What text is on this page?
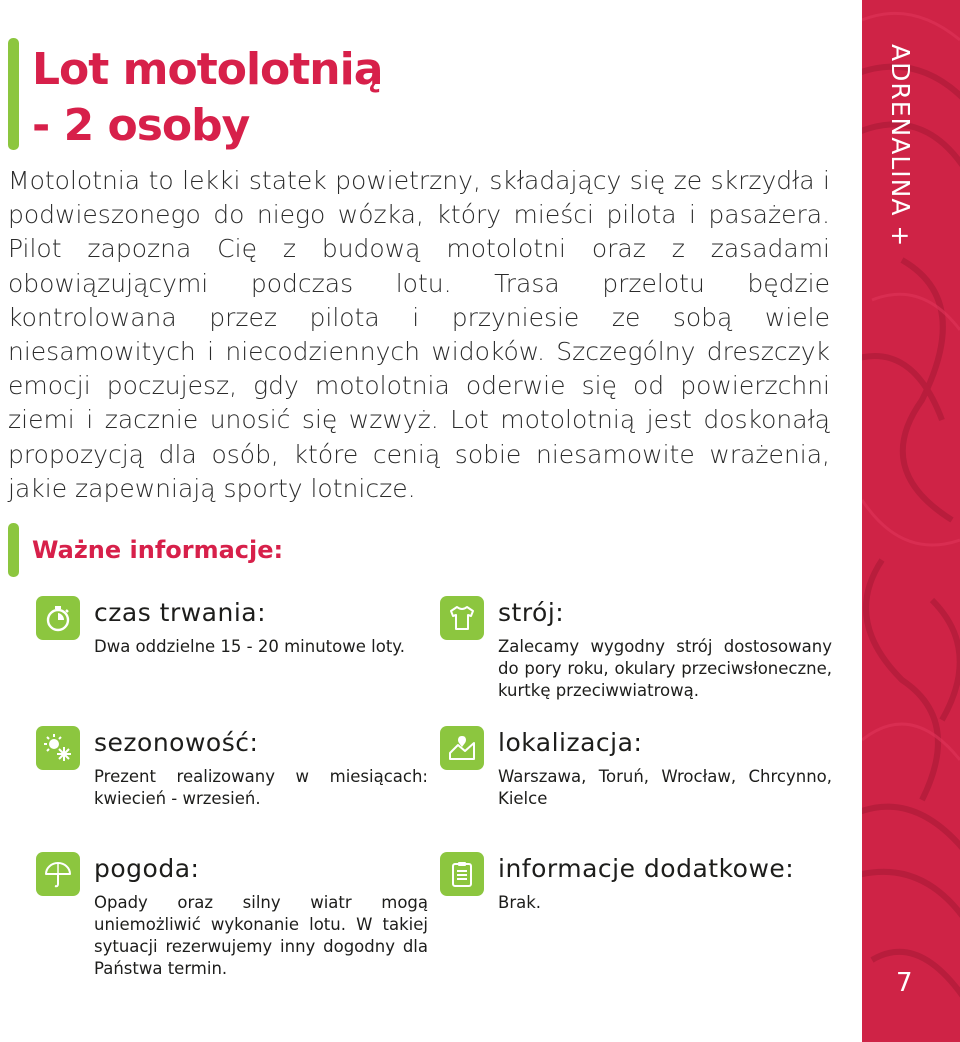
Lot motolotnią
- 2 osoby

Motolotnia to lekki statek powietrzny, składający się ze skrzydła i podwieszonego do niego wózka, który mieści pilota i pasażera. Pilot zapozna Cię z budową motolotni oraz z zasadami obowiązującymi podczas lotu. Trasa przelotu będzie kontrolowana przez pilota i przyniesie ze sobą wiele niesamowitych i niecodziennych widoków. Szczególny dreszczyk emocji poczujesz, gdy motolotnia oderwie się od powierzchni ziemi i zacznie unosić się wzwyż. Lot motolotnią jest doskonałą propozycją dla osób, które cenią sobie niesamowite wrażenia, jakie zapewniają sporty lotnicze.

Ważne informacje:
czas trwania:
Dwa oddzielne 15 - 20 minutowe loty.
strój:
Zalecamy wygodny strój dostosowany do pory roku, okulary przeciwsłoneczne, kurtkę przeciwwiatrową.
sezonowość:
Prezent realizowany w miesiącach: kwiecień - wrzesień.
lokalizacja:
Warszawa, Toruń, Wrocław, Chrcynno, Kielce
pogoda:
Opady oraz silny wiatr mogą uniemożliwić wykonanie lotu. W takiej sytuacji rezerwujemy inny dogodny dla Państwa termin.
informacje dodatkowe:
Brak.
ADRENALINA +
7
